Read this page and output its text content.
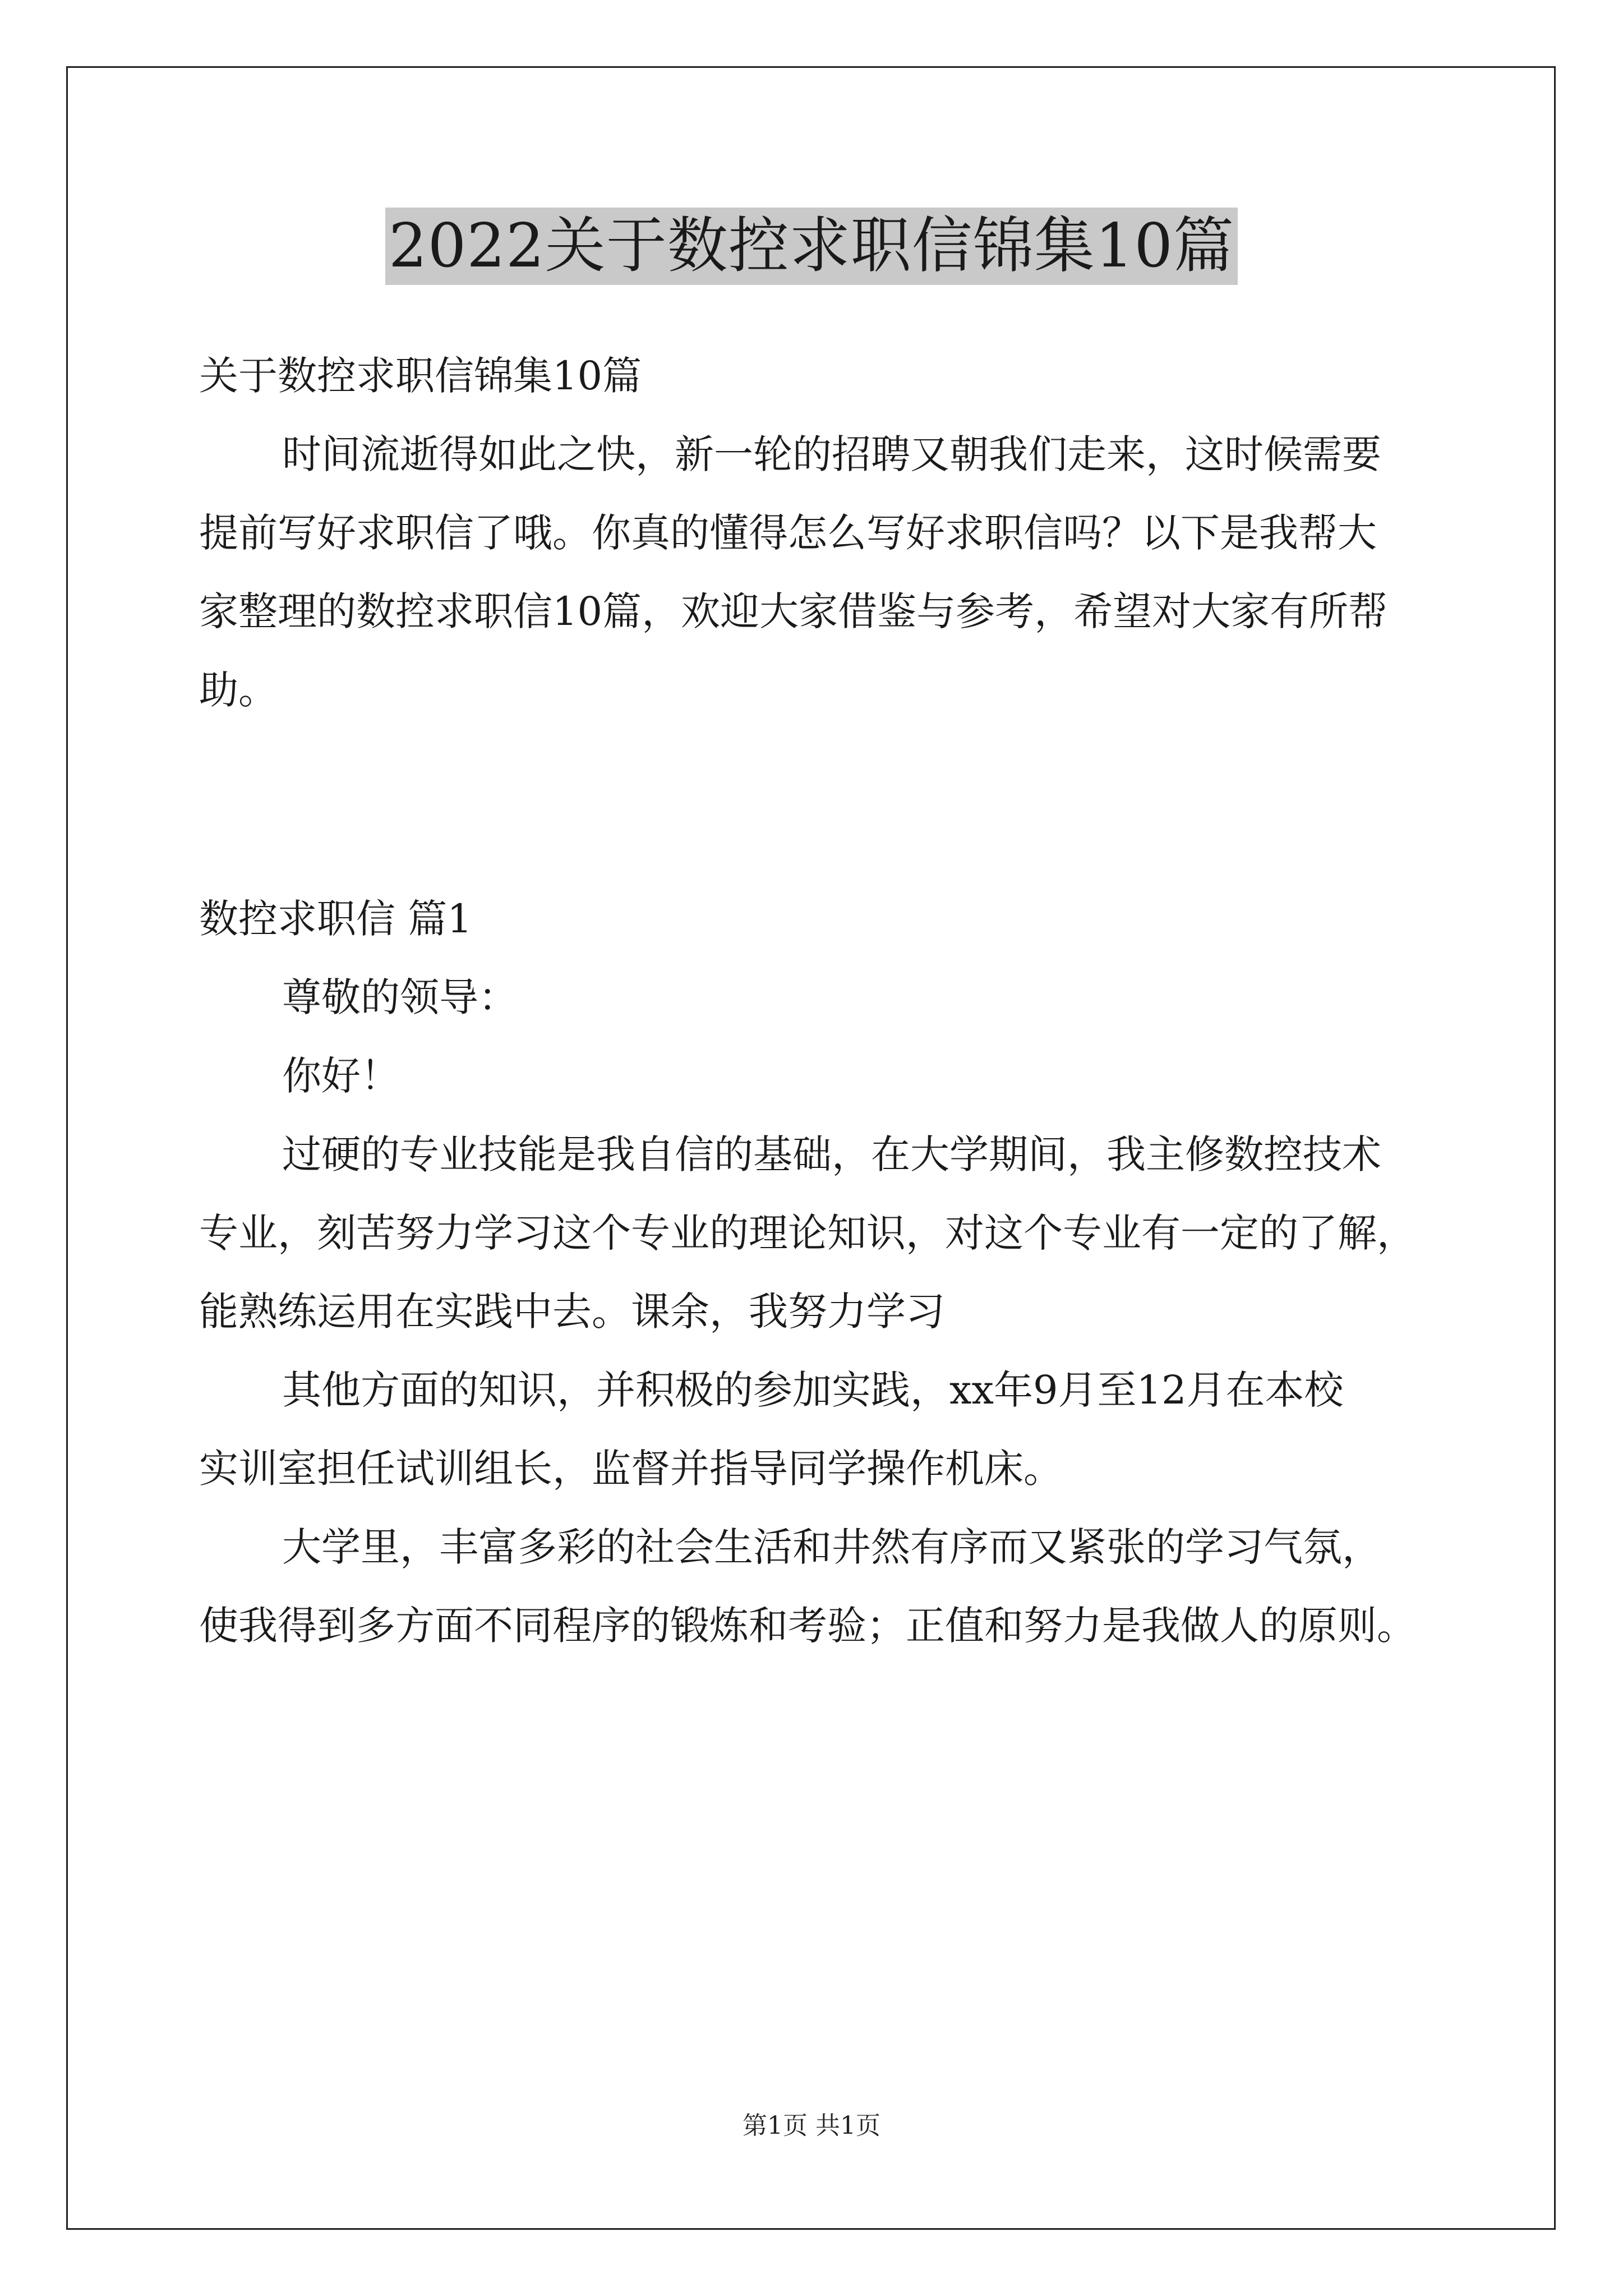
2022关于数控求职信锦集10篇
关于数控求职信锦集10篇
时间流逝得如此之快，新一轮的招聘又朝我们走来，这时候需要
提前写好求职信了哦。你真的懂得怎么写好求职信吗？以下是我帮大
家整理的数控求职信10篇，欢迎大家借鉴与参考，希望对大家有所帮
助。
数控求职信 篇1
尊敬的领导：
你好！
过硬的专业技能是我自信的基础，在大学期间，我主修数控技术
专业，刻苦努力学习这个专业的理论知识，对这个专业有一定的了解，
能熟练运用在实践中去。课余，我努力学习
其他方面的知识，并积极的参加实践，xx年9月至12月在本校
实训室担任试训组长，监督并指导同学操作机床。
大学里，丰富多彩的社会生活和井然有序而又紧张的学习气氛，
使我得到多方面不同程序的锻炼和考验；正值和努力是我做人的原则。
第1页 共1页
